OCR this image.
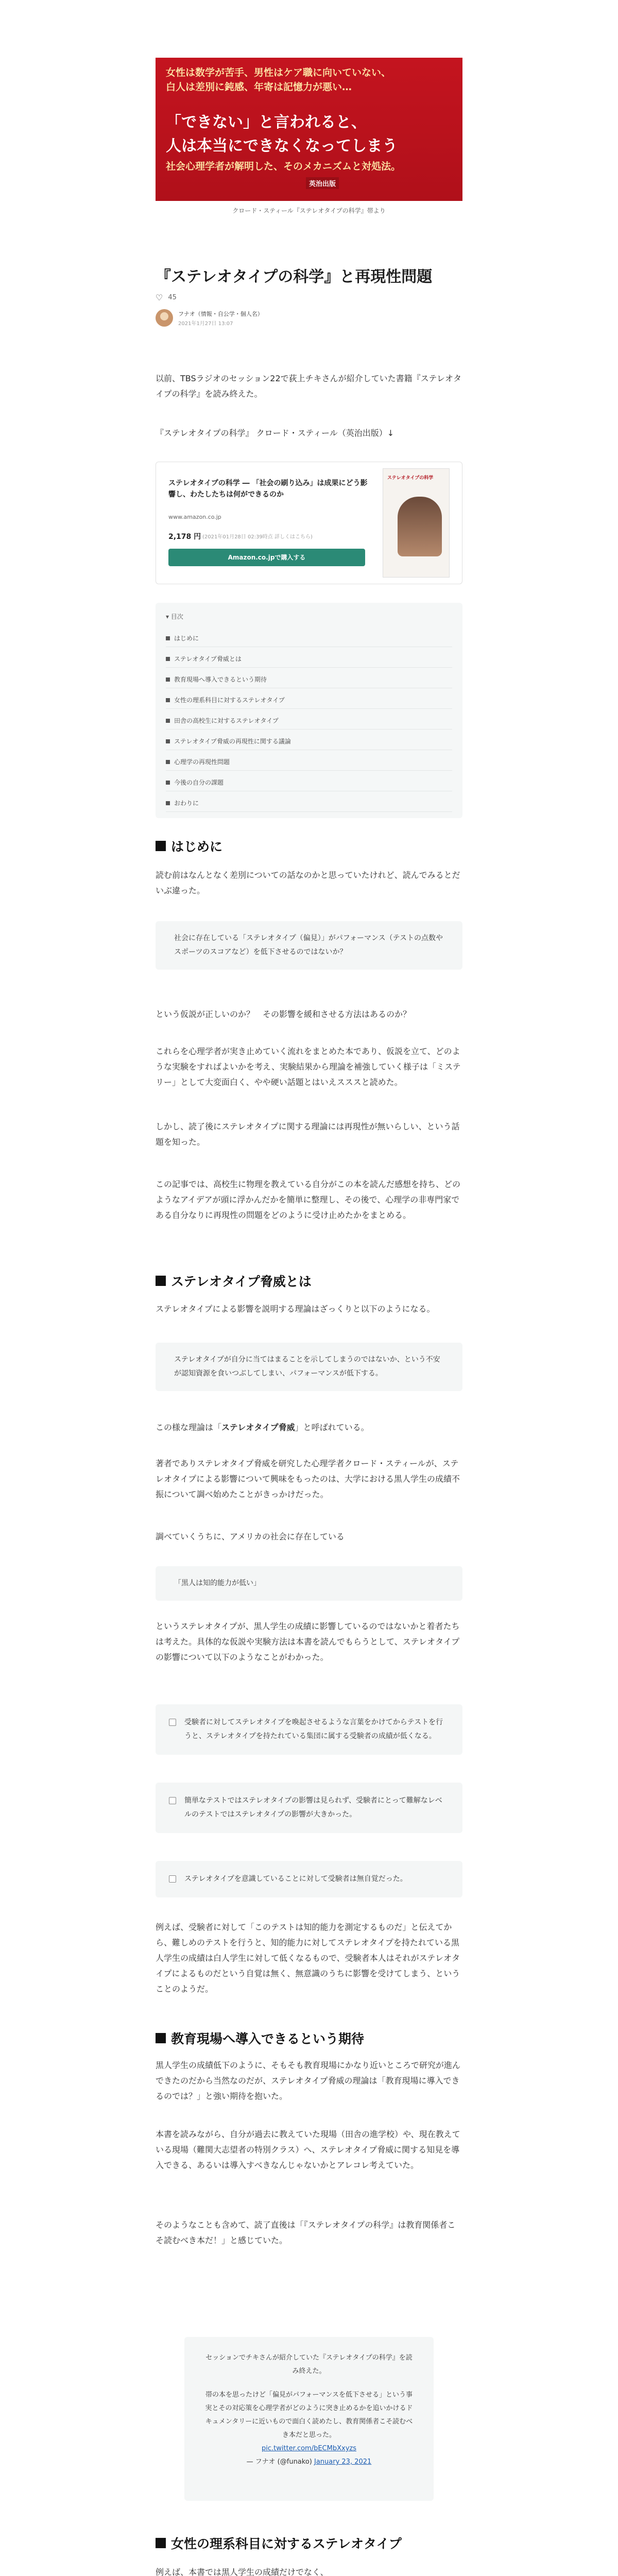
女性は数学が苦手、男性はケア職に向いていない、
白人は差別に鈍感、年寄は記憶力が悪い…
「できない」と言われると、
人は本当にできなくなってしまう
社会心理学者が解明した、そのメカニズムと対処法。
英治出版
クロード・スティール『ステレオタイプの科学』帯より
『ステレオタイプの科学』と再現性問題
♡ 45
フナオ（情報・自公学・個人名）
2021年1月27日 13:07
以前、TBSラジオのセッション22で荻上チキさんが紹介していた書籍『ステレオタイプの科学』を読み終えた。
『ステレオタイプの科学』 クロード・スティール（英治出版）↓
ステレオタイプの科学 ― 「社会の刷り込み」は成果にどう影響し、わたしたちは何ができるのか
www.amazon.co.jp
2,178 円 (2021年01月28日 02:39時点 詳しくはこちら)
Amazon.co.jpで購入する
ステレオタイプの科学
▾ 目次
はじめに
ステレオタイプ脅威とは
教育現場へ導入できるという期待
女性の理系科目に対するステレオタイプ
田舎の高校生に対するステレオタイプ
ステレオタイプ脅威の再現性に関する議論
心理学の再現性問題
今後の自分の課題
おわりに
はじめに
読む前はなんとなく差別についての話なのかと思っていたけれど、読んでみるとだいぶ違った。
社会に存在している「ステレオタイプ（偏見）」がパフォーマンス（テストの点数やスポーツのスコアなど）を低下させるのではないか？
という仮説が正しいのか？　その影響を緩和させる方法はあるのか？
これらを心理学者が実き止めていく流れをまとめた本であり、仮説を立て、どのような実験をすればよいかを考え、実験結果から理論を補強していく様子は「ミステリー」として大変面白く、やや硬い話題とはいえスススと読めた。
しかし、読了後にステレオタイプに関する理論には再現性が無いらしい、という話題を知った。
この記事では、高校生に物理を教えている自分がこの本を読んだ感想を持ち、どのようなアイデアが頭に浮かんだかを簡単に整理し、その後で、心理学の非専門家である自分なりに再現性の問題をどのように受け止めたかをまとめる。
ステレオタイプ脅威とは
ステレオタイプによる影響を説明する理論はざっくりと以下のようになる。
ステレオタイプが自分に当てはまることを示してしまうのではないか、という不安が認知資源を食いつぶしてしまい、パフォーマンスが低下する。
この様な理論は「ステレオタイプ脅威」と呼ばれている。
著者でありステレオタイプ脅威を研究した心理学者クロード・スティールが、ステレオタイプによる影響について興味をもったのは、大学における黒人学生の成績不振について調べ始めたことがきっかけだった。
調べていくうちに、アメリカの社会に存在している
「黒人は知的能力が低い」
というステレオタイプが、黒人学生の成績に影響しているのではないかと着者たちは考えた。具体的な仮説や実験方法は本書を読んでもらうとして、ステレオタイプの影響について以下のようなことがわかった。
受験者に対してステレオタイプを喚起させるような言葉をかけてからテストを行うと、ステレオタイプを持たれている集団に属する受験者の成績が低くなる。
簡単なテストではステレオタイプの影響は見られず、受験者にとって難解なレベルのテストではステレオタイプの影響が大きかった。
ステレオタイプを意識していることに対して受験者は無自覚だった。
例えば、受験者に対して「このテストは知的能力を測定するものだ」と伝えてから、難しめのテストを行うと、知的能力に対してステレオタイプを持たれている黒人学生の成績は白人学生に対して低くなるもので、受験者本人はそれがステレオタイプによるものだという自覚は無く、無意識のうちに影響を受けてしまう、ということのようだ。
教育現場へ導入できるという期待
黒人学生の成績低下のように、そもそも教育現場にかなり近いところで研究が進んできたのだから当然なのだが、ステレオタイプ脅威の理論は「教育現場に導入できるのでは？」と強い期待を抱いた。
本書を読みながら、自分が過去に教えていた現場（田舎の進学校）や、現在教えている現場（難関大志望者の特別クラス）へ、ステレオタイプ脅威に関する知見を導入できる、あるいは導入すべきなんじゃないかとアレコレ考えていた。
そのようなことも含めて、読了直後は「『ステレオタイプの科学』は教育関係者こそ読むべき本だ！」と感じていた。
セッションでチキさんが紹介していた『ステレオタイプの科学』を読み終えた。
帯の本を思ったけど「偏見がパフォーマンスを低下させる」という事実とその対応策を心理学者がどのように突き止めるかを追いかけるドキュメンタリーに近いもので面白く読めたし、教育関係者こそ読むべき本だと思った。
pic.twitter.com/bECMbXxyzs
— フナオ (@funako) January 23, 2021
女性の理系科目に対するステレオタイプ
例えば、本書では黒人学生の成績だけでなく、
